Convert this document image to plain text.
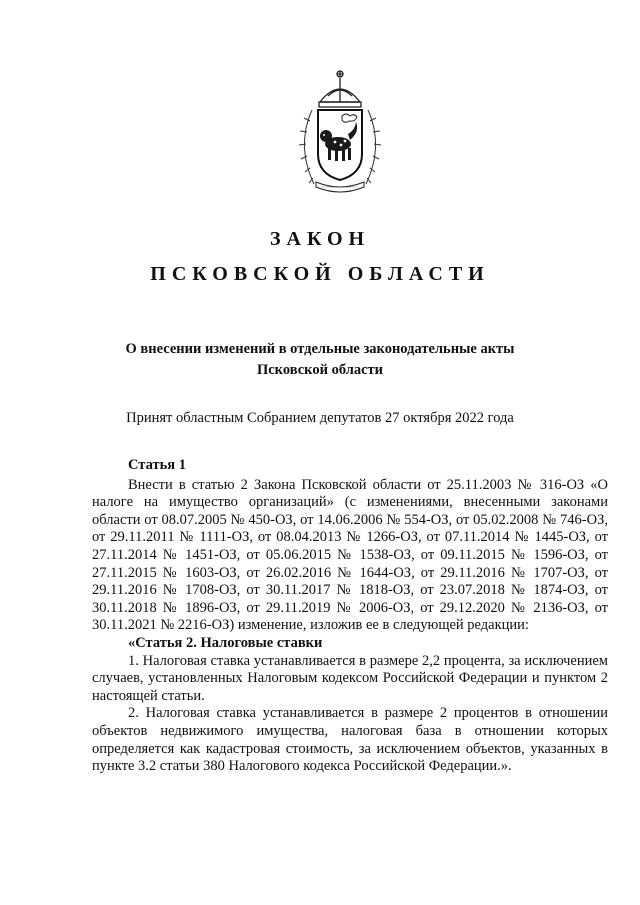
ЗАКОН
ПСКОВСКОЙ ОБЛАСТИ
О внесении изменений в отдельные законодательные акты Псковской области
Принят областным Собранием депутатов 27 октября 2022 года

Статья 1

Внести в статью 2 Закона Псковской области от 25.11.2003 № 316-ОЗ «О налоге на имущество организаций» (с изменениями, внесенными законами области от 08.07.2005 № 450-ОЗ, от 14.06.2006 № 554-ОЗ, от 05.02.2008 № 746-ОЗ, от 29.11.2011 № 1111-ОЗ, от 08.04.2013 № 1266-ОЗ, от 07.11.2014 № 1445-ОЗ, от 27.11.2014 № 1451-ОЗ, от 05.06.2015 № 1538-ОЗ, от 09.11.2015 № 1596-ОЗ, от 27.11.2015 № 1603-ОЗ, от 26.02.2016 № 1644-ОЗ, от 29.11.2016 № 1707-ОЗ, от 29.11.2016 № 1708-ОЗ, от 30.11.2017 № 1818-ОЗ, от 23.07.2018 № 1874-ОЗ, от 30.11.2018 № 1896-ОЗ, от 29.11.2019 № 2006-ОЗ, от 29.12.2020 № 2136-ОЗ, от 30.11.2021 № 2216-ОЗ) изменение, изложив ее в следующей редакции:

«Статья 2. Налоговые ставки

1. Налоговая ставка устанавливается в размере 2,2 процента, за исключением случаев, установленных Налоговым кодексом Российской Федерации и пунктом 2 настоящей статьи.

2. Налоговая ставка устанавливается в размере 2 процентов в отношении объектов недвижимого имущества, налоговая база в отношении которых определяется как кадастровая стоимость, за исключением объектов, указанных в пункте 3.2 статьи 380 Налогового кодекса Российской Федерации.».
